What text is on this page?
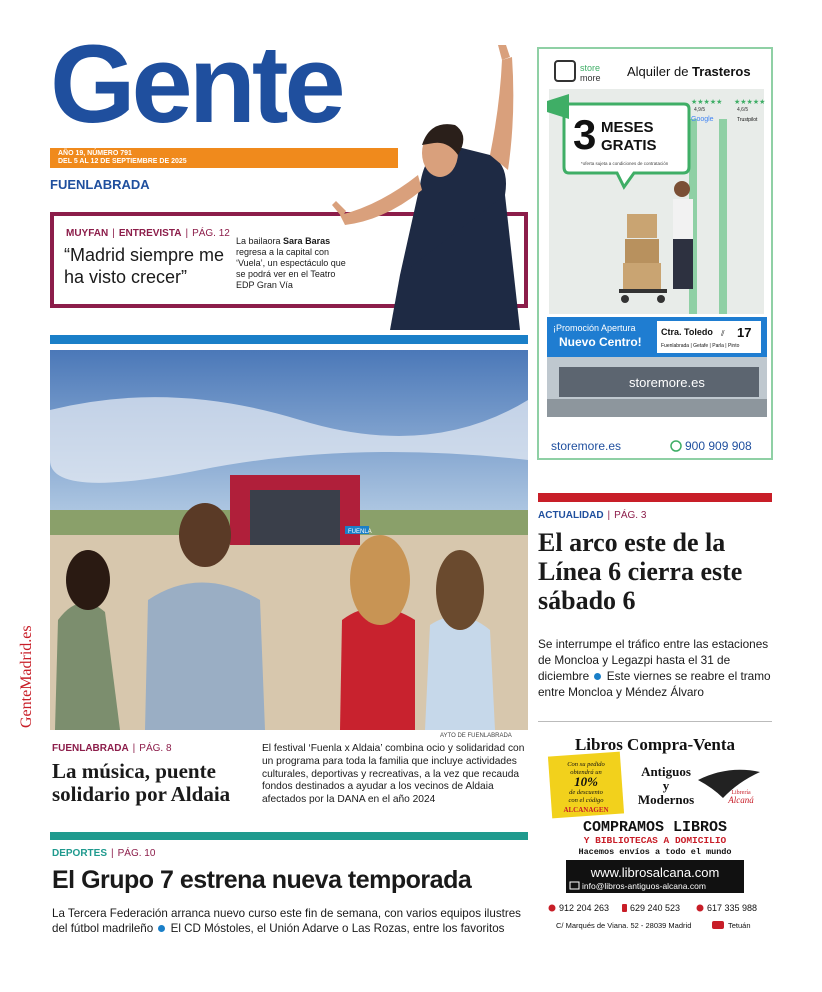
Gente
madrid
AÑO 19, NÚMERO 791
DEL 5 AL 12 DE SEPTIEMBRE DE 2025
FUENLABRADA
MUYFAN | ENTREVISTA | PÁG. 12
“Madrid siempre me ha visto crecer”
La bailaora Sara Baras regresa a la capital con ‘Vuela’, un espectáculo que se podrá ver en el Teatro EDP Gran Vía
FUENLA
AYTO DE FUENLABRADA
FUENLABRADA | PÁG. 8
La música, puente solidario por Aldaia
El festival ‘Fuenla x Aldaia’ combina ocio y solidaridad con un programa para toda la familia que incluye actividades culturales, deportivas y recreativas, a la vez que recauda fondos destinados a ayudar a los vecinos de Aldaia afectados por la DANA en el año 2024
DEPORTES | PÁG. 10
El Grupo 7 estrena nueva temporada
La Tercera Federación arranca nuevo curso este fin de semana, con varios equipos ilustres del fútbol madrileño El CD Móstoles, el Unión Adarve o Las Rozas, entre los favoritos
GenteMadrid.es
store
more Alquiler de Trasteros
3 MESES
GRATIS
*oferta sujeta a condiciones de contratación
★★★★★
4,9/5
Google
★★★★★
4,6/5
Trustpilot
¡Promoción Apertura
Nuevo Centro!
Ctra. Toledo ⫽ 17
Fuenlabrada | Getafe | Parla | Pinto
storemore.es
storemore.es	900 909 908
ACTUALIDAD | PÁG. 3
El arco este de la Línea 6 cierra este sábado 6
Se interrumpe el tráfico entre las estaciones de Moncloa y Legazpi hasta el 31 de diciembre Este viernes se reabre el tramo entre Moncloa y Méndez Álvaro
Libros Compra-Venta
Con su pedido
obtendrá un
10%
de descuento
con el código
ALCANAGEN
Antiguos
y
Modernos	Librería
Alcaná
COMPRAMOS LIBROS
Y BIBLIOTECAS A DOMICILIO
Hacemos envíos a todo el mundo
www.librosalcana.com
info@libros-antiguos-alcana.com
912 204 263 629 240 523	617 335 988
C/ Marqués de Viana. 52 - 28039 Madrid	Tetuán
